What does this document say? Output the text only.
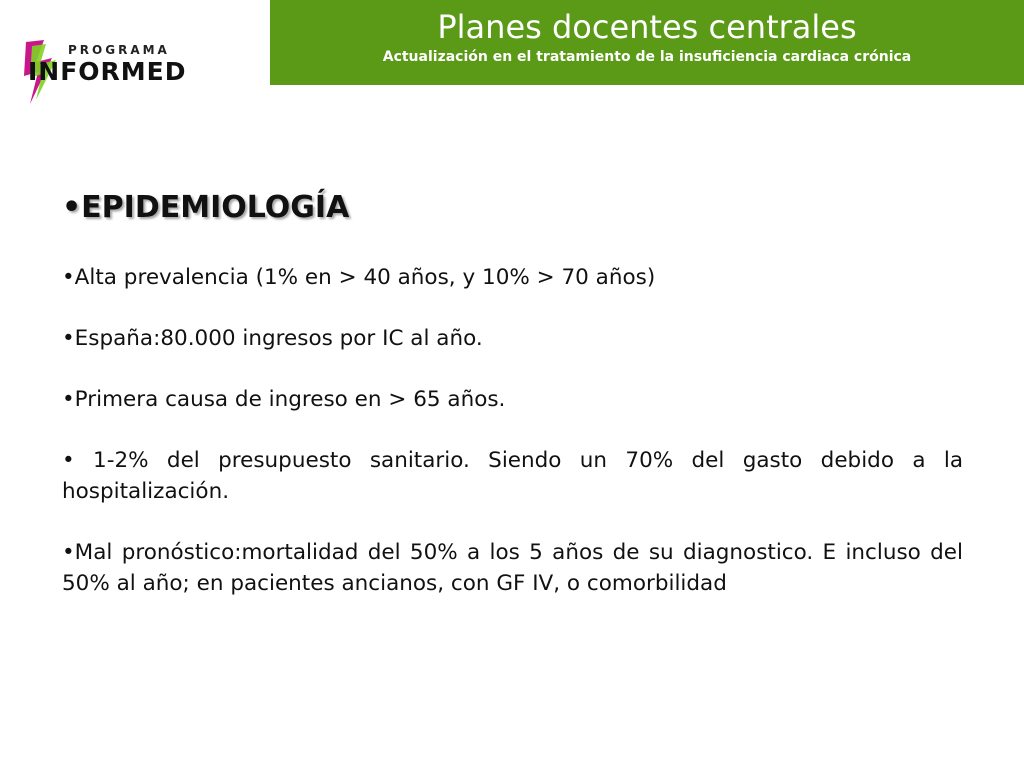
PROGRAMA
INFORMED
Planes docentes centrales
Actualización en el tratamiento de la insuficiencia cardiaca crónica
•EPIDEMIOLOGÍA
•Alta prevalencia (1% en > 40 años, y 10% > 70 años)
•España:80.000 ingresos por IC al año.
•Primera causa de ingreso en > 65 años.
• 1-2% del presupuesto sanitario. Siendo un 70% del gasto debido a la hospitalización.
•Mal pronóstico:mortalidad del 50% a los 5 años de su diagnostico. E incluso del 50% al año; en pacientes ancianos, con GF IV, o comorbilidad
